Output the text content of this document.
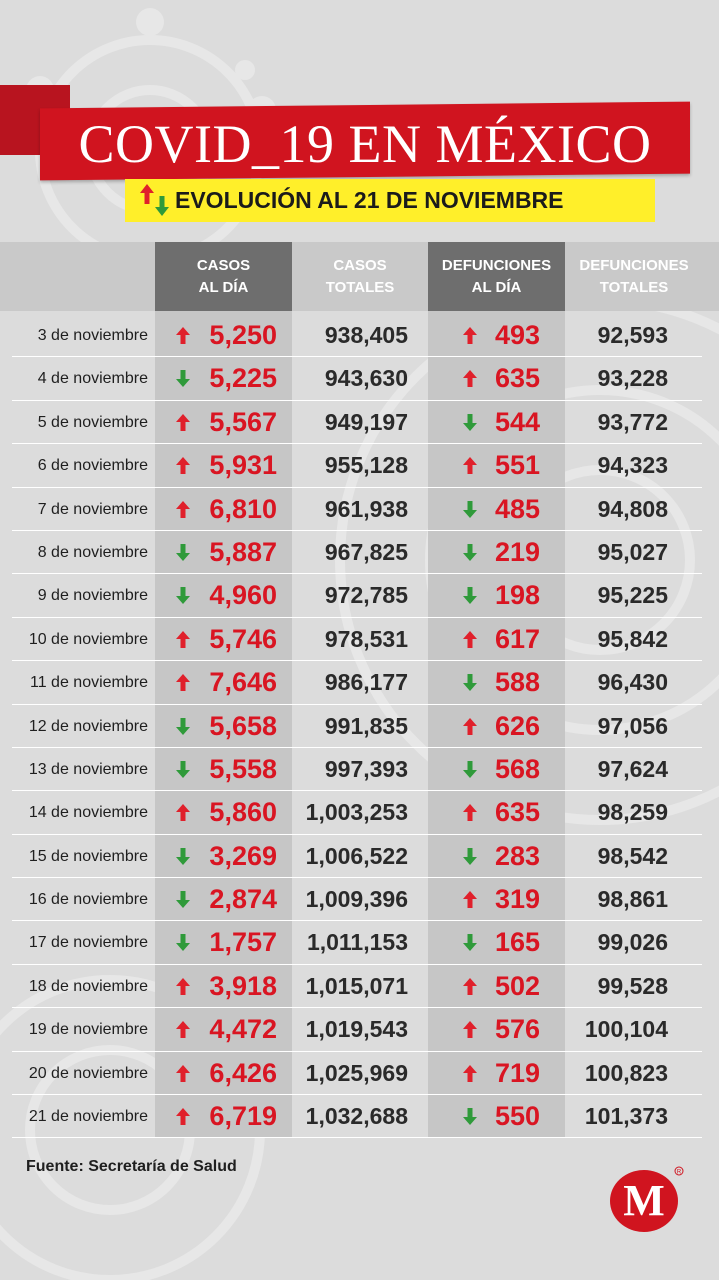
COVID_19 EN MÉXICO
EVOLUCIÓN AL 21 DE NOVIEMBRE
CASOS
AL DÍA
CASOS
TOTALES
DEFUNCIONES
AL DÍA
DEFUNCIONES
TOTALES
3 de noviembre	5,250	938,405	493	92,593
4 de noviembre	5,225	943,630	635	93,228
5 de noviembre	5,567	949,197	544	93,772
6 de noviembre	5,931	955,128	551	94,323
7 de noviembre	6,810	961,938	485	94,808
8 de noviembre	5,887	967,825	219	95,027
9 de noviembre	4,960	972,785	198	95,225
10 de noviembre	5,746	978,531	617	95,842
11 de noviembre	7,646	986,177	588	96,430
12 de noviembre	5,658	991,835	626	97,056
13 de noviembre	5,558	997,393	568	97,624
14 de noviembre	5,860	1,003,253	635	98,259
15 de noviembre	3,269	1,006,522	283	98,542
16 de noviembre	2,874	1,009,396	319	98,861
17 de noviembre	1,757	1,011,153	165	99,026
18 de noviembre	3,918	1,015,071	502	99,528
19 de noviembre	4,472	1,019,543	576	100,104
20 de noviembre	6,426	1,025,969	719	100,823
21 de noviembre	6,719	1,032,688	550	101,373
Fuente: Secretaría de Salud
M
R
